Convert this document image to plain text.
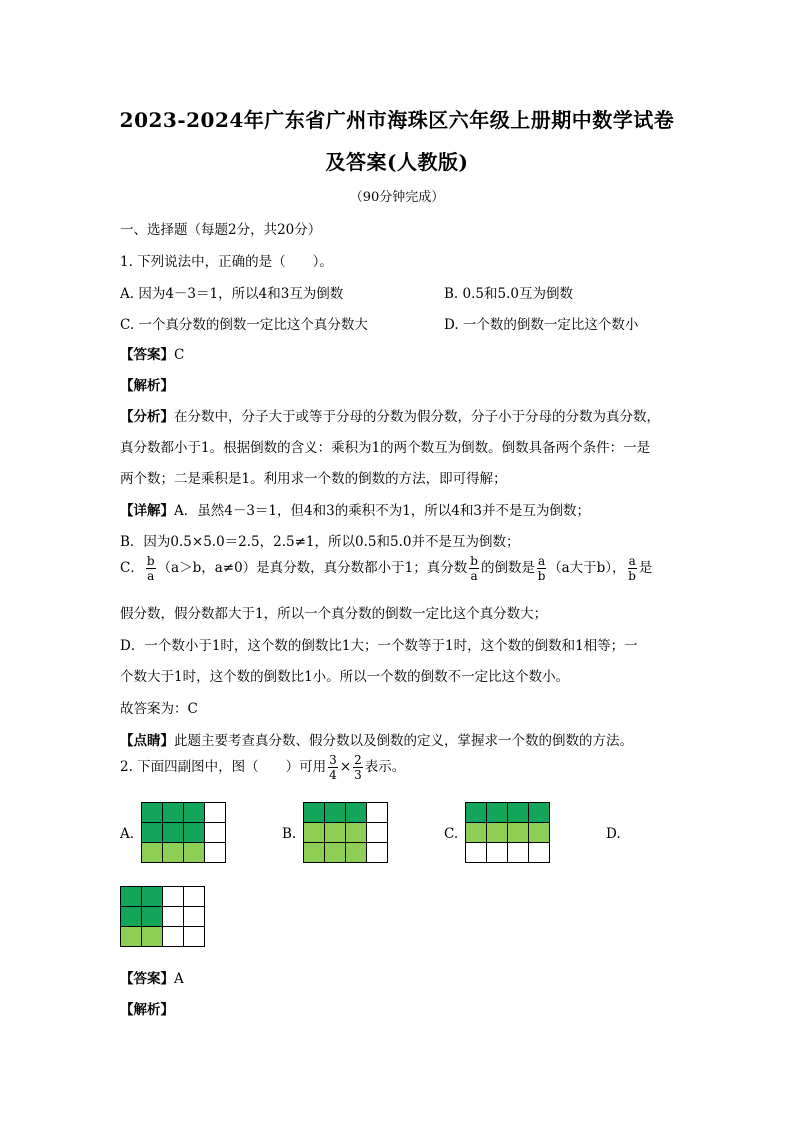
2023-2024年广东省广州市海珠区六年级上册期中数学试卷
及答案(人教版)
（90分钟完成）
一、选择题（每题2分，共20分）
1. 下列说法中，正确的是（　　）。
A. 因为4－3＝1，所以4和3互为倒数	B. 0.5和5.0互为倒数
C. 一个真分数的倒数一定比这个真分数大	D. 一个数的倒数一定比这个数小
【答案】C
【解析】
【分析】在分数中，分子大于或等于分母的分数为假分数，分子小于分母的分数为真分数，
真分数都小于1。根据倒数的含义：乘积为1的两个数互为倒数。倒数具备两个条件：一是
两个数；二是乘积是1。利用求一个数的倒数的方法，即可得解；
【详解】A．虽然4－3＝1，但4和3的乘积不为1，所以4和3并不是互为倒数；
B．因为0.5×5.0＝2.5，2.5≠1，所以0.5和5.0并不是互为倒数；
C． $\frac{b}{a} (a>b$，a≠0）是真分数，真分数都小于1；真分数 $\frac{b}{a}$ 的倒数是 $\frac{a}{b} (a$大于b）， $\frac{a}{b}$ 是
假分数，假分数都大于1，所以一个真分数的倒数一定比这个真分数大；
D．一个数小于1时，这个数的倒数比1大；一个数等于1时，这个数的倒数和1相等；一
个数大于1时，这个数的倒数比1小。所以一个数的倒数不一定比这个数小。
故答案为：C
【点睛】此题主要考查真分数、假分数以及倒数的定义，掌握求一个数的倒数的方法。
2. 下面四副图中，图（　　）可用 $\frac{3}{4} \times \frac{2}{3}$ 表示。
A.	B.	C.	D.
【答案】A
【解析】
